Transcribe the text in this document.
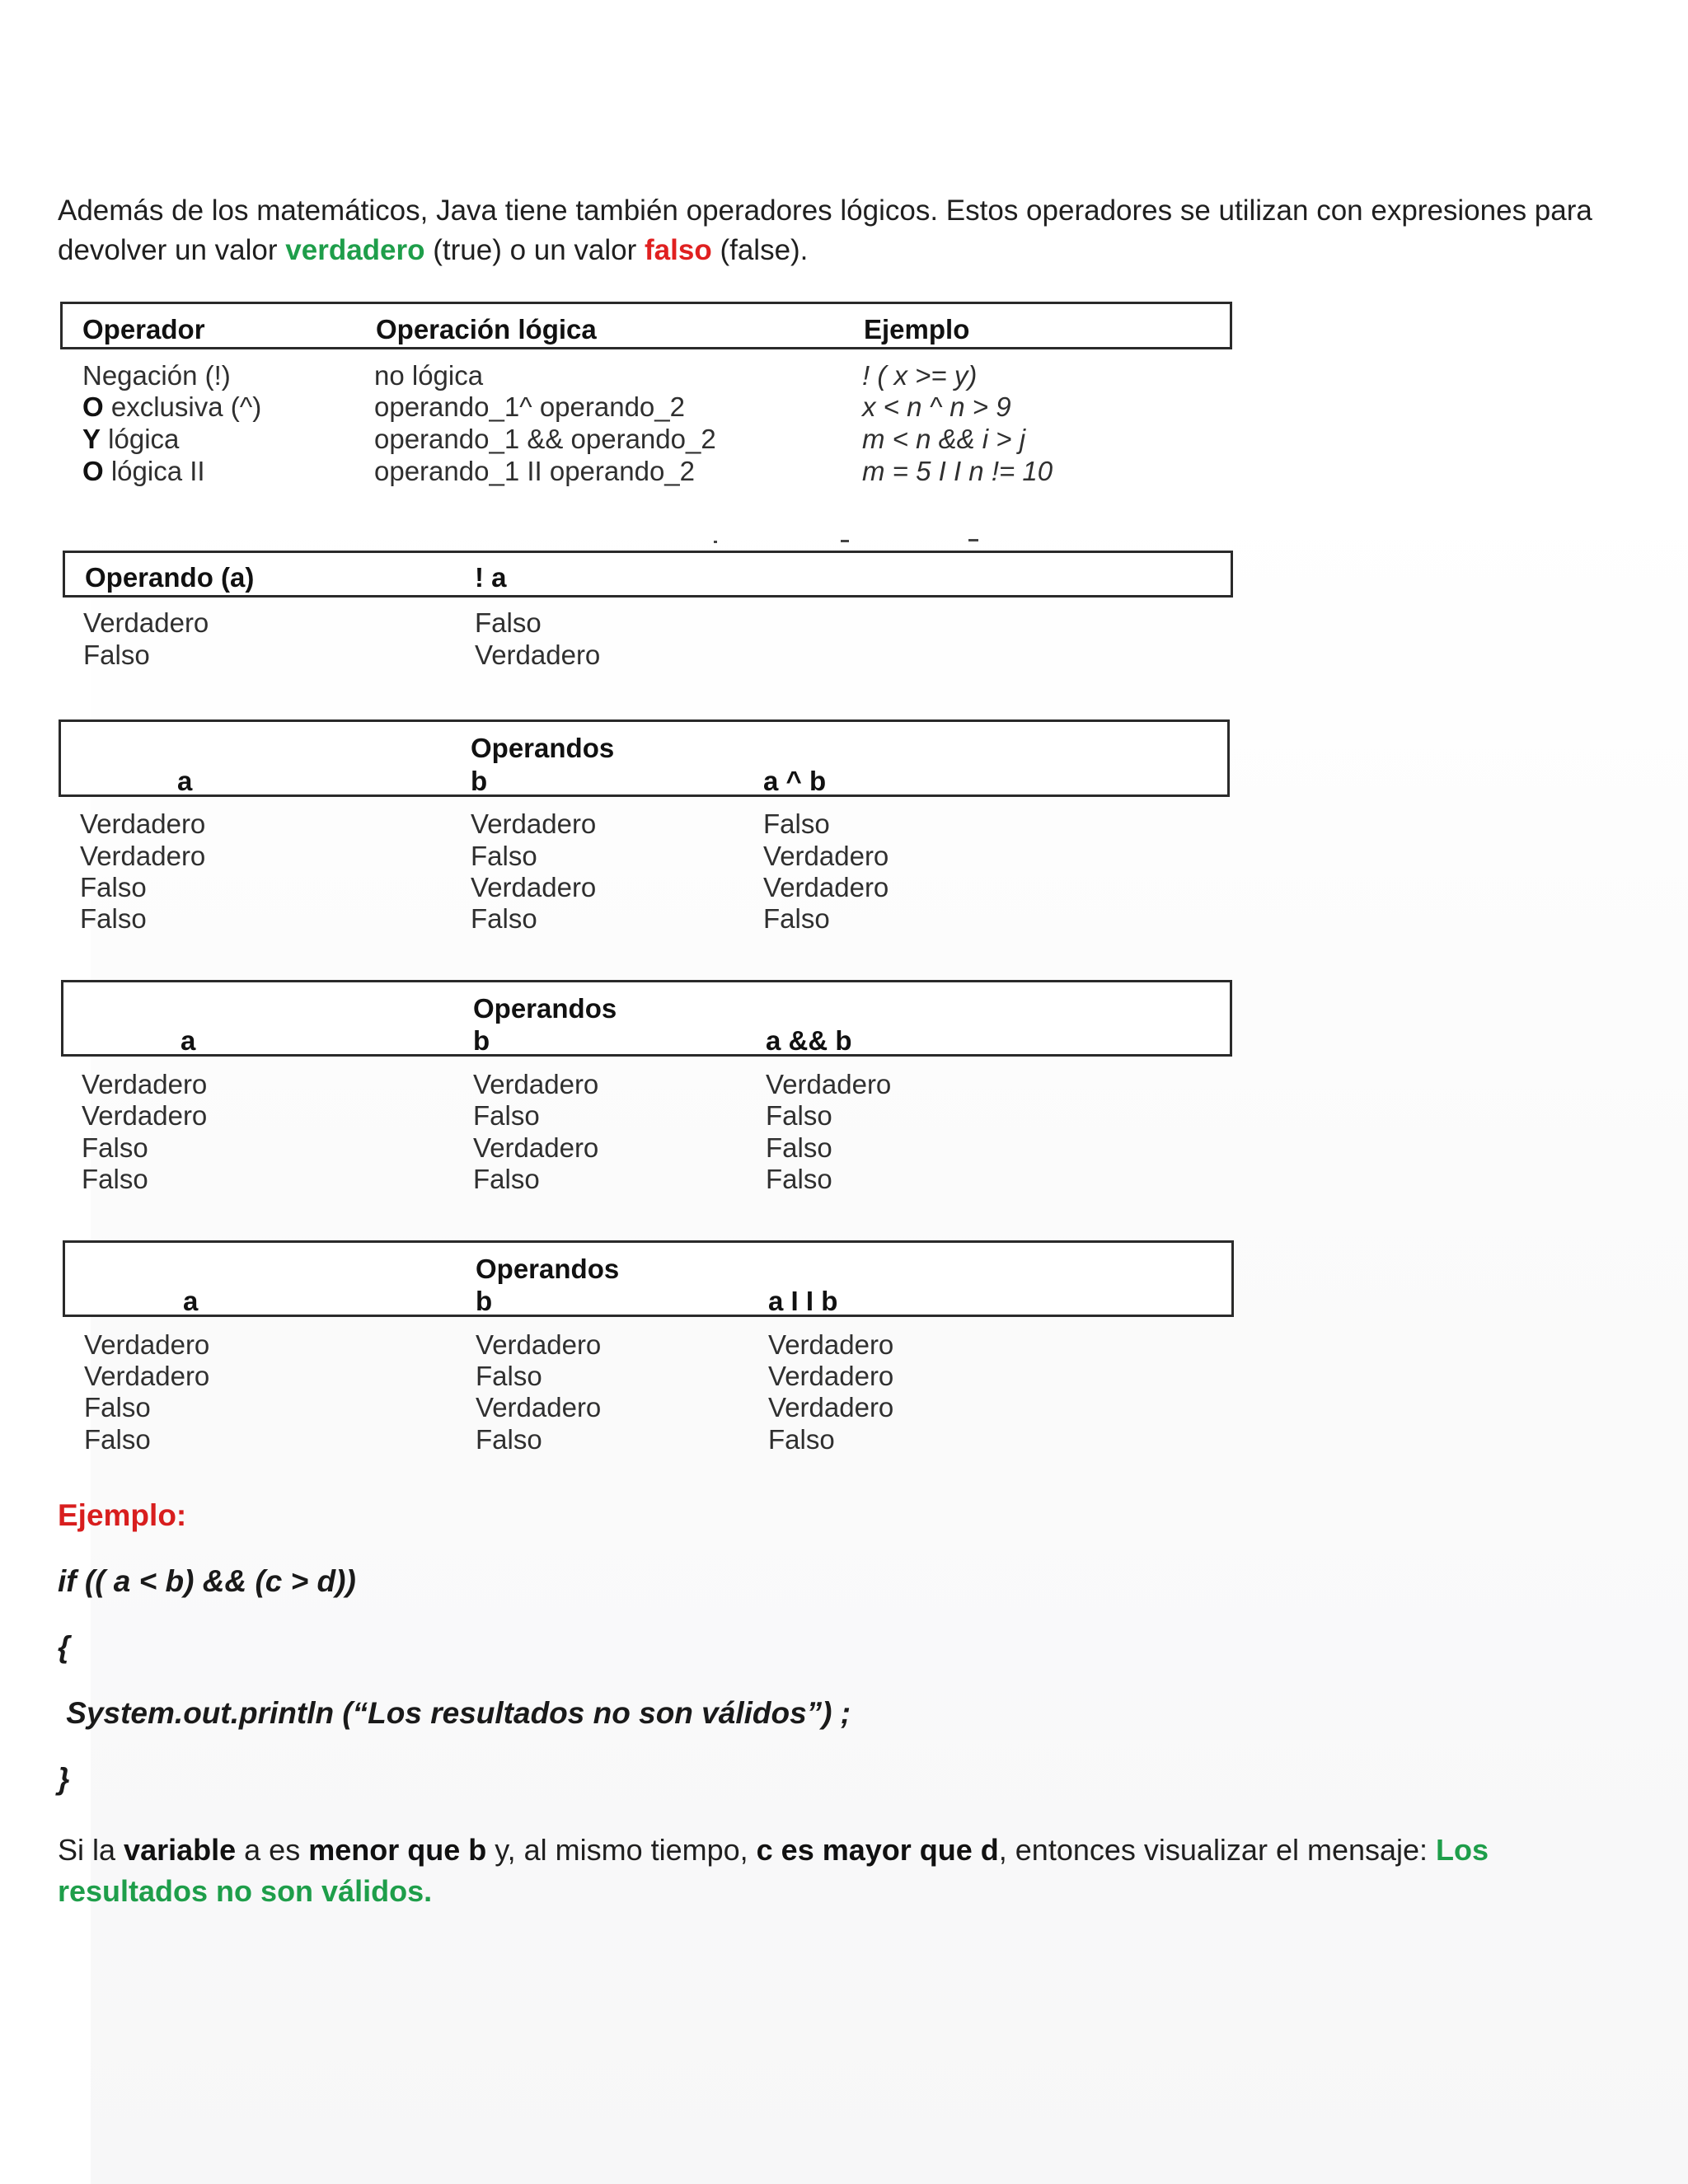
Además de los matemáticos, Java tiene también operadores lógicos. Estos operadores se utilizan con expresiones para devolver un valor verdadero (true) o un valor falso (false).

Operador	Operación lógica	Ejemplo
Negación (!)	no lógica	! ( x >= y)
O exclusiva (^)	operando_1^ operando_2	x < n ^ n > 9
Y lógica	operando_1 && operando_2	m < n && i > j
O lógica II	operando_1 II operando_2	m = 5 I I n != 10
Operando (a)	! a
Verdadero	Falso
Falso	Verdadero
Operandos
a	b	a ^ b
Verdadero	Verdadero	Falso
Verdadero	Falso	Verdadero
Falso	Verdadero	Verdadero
Falso	Falso	Falso
Operandos
a	b	a && b
Verdadero	Verdadero	Verdadero
Verdadero	Falso	Falso
Falso	Verdadero	Falso
Falso	Falso	Falso
Operandos
a	b	a I I b
Verdadero	Verdadero	Verdadero
Verdadero	Falso	Verdadero
Falso	Verdadero	Verdadero
Falso	Falso	Falso
Ejemplo:
if (( a < b) && (c > d))
{
System.out.println (“Los resultados no son válidos”) ;
}

Si la variable a es menor que b y, al mismo tiempo, c es mayor que d, entonces visualizar el mensaje: Los resultados no son válidos.
